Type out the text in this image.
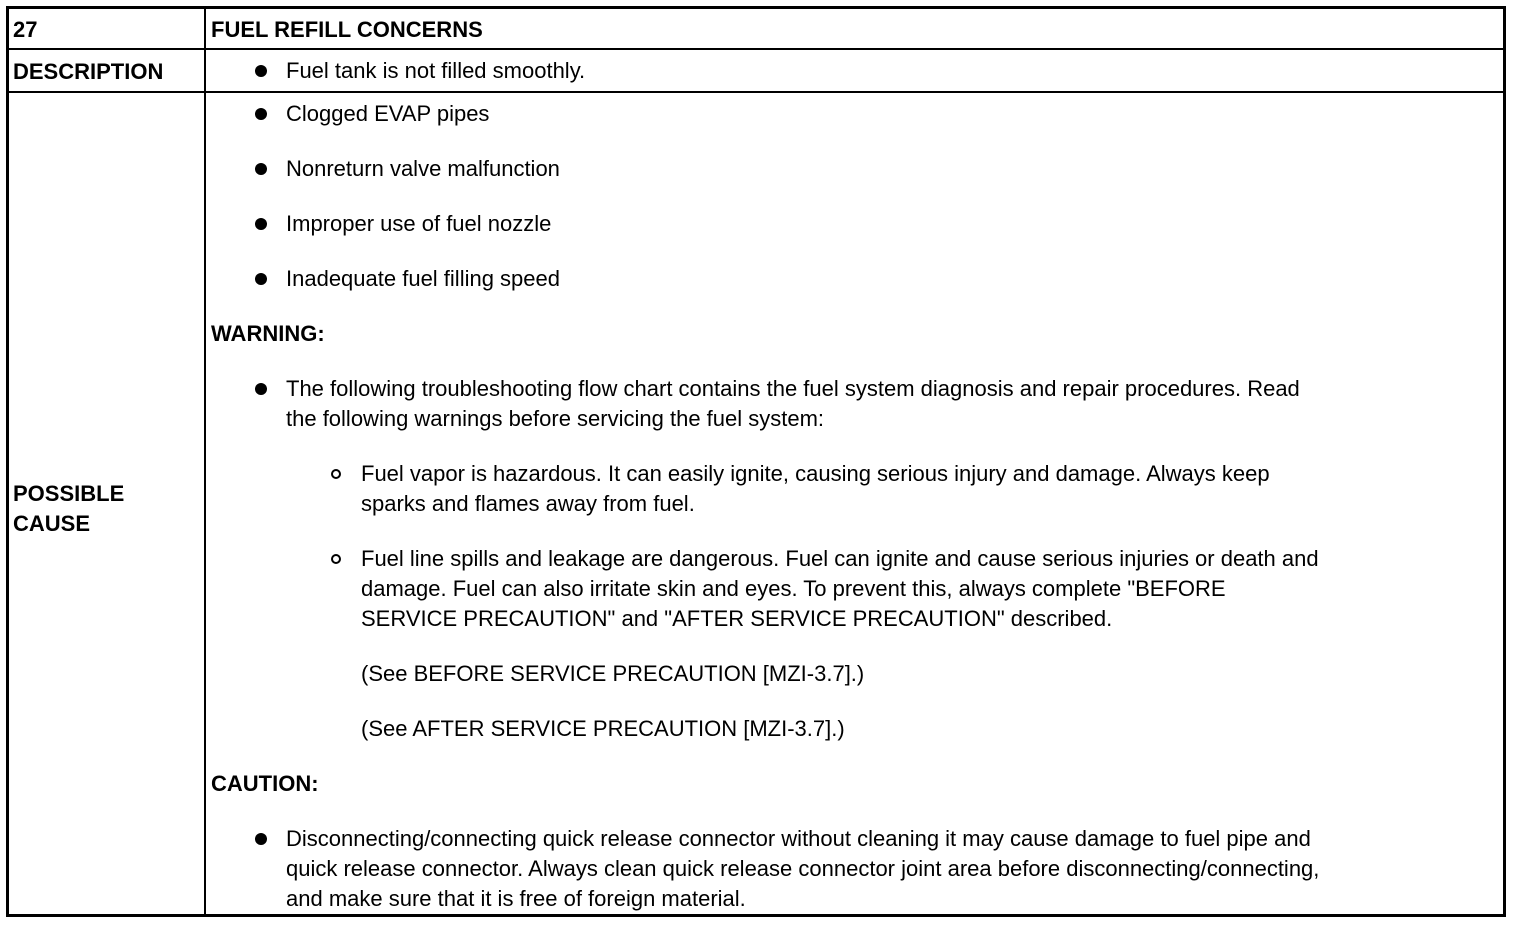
27	FUEL REFILL CONCERNS
DESCRIPTION	Fuel tank is not filled smoothly.
POSSIBLE
CAUSE
Clogged EVAP pipes
Nonreturn valve malfunction
Improper use of fuel nozzle
Inadequate fuel filling speed
WARNING:
The following troubleshooting flow chart contains the fuel system diagnosis and repair procedures. Read
the following warnings before servicing the fuel system:
Fuel vapor is hazardous. It can easily ignite, causing serious injury and damage. Always keep
sparks and flames away from fuel.
Fuel line spills and leakage are dangerous. Fuel can ignite and cause serious injuries or death and
damage. Fuel can also irritate skin and eyes. To prevent this, always complete "BEFORE
SERVICE PRECAUTION" and "AFTER SERVICE PRECAUTION" described.
(See BEFORE SERVICE PRECAUTION [MZI-3.7].)
(See AFTER SERVICE PRECAUTION [MZI-3.7].)
CAUTION:
Disconnecting/connecting quick release connector without cleaning it may cause damage to fuel pipe and
quick release connector. Always clean quick release connector joint area before disconnecting/connecting,
and make sure that it is free of foreign material.
